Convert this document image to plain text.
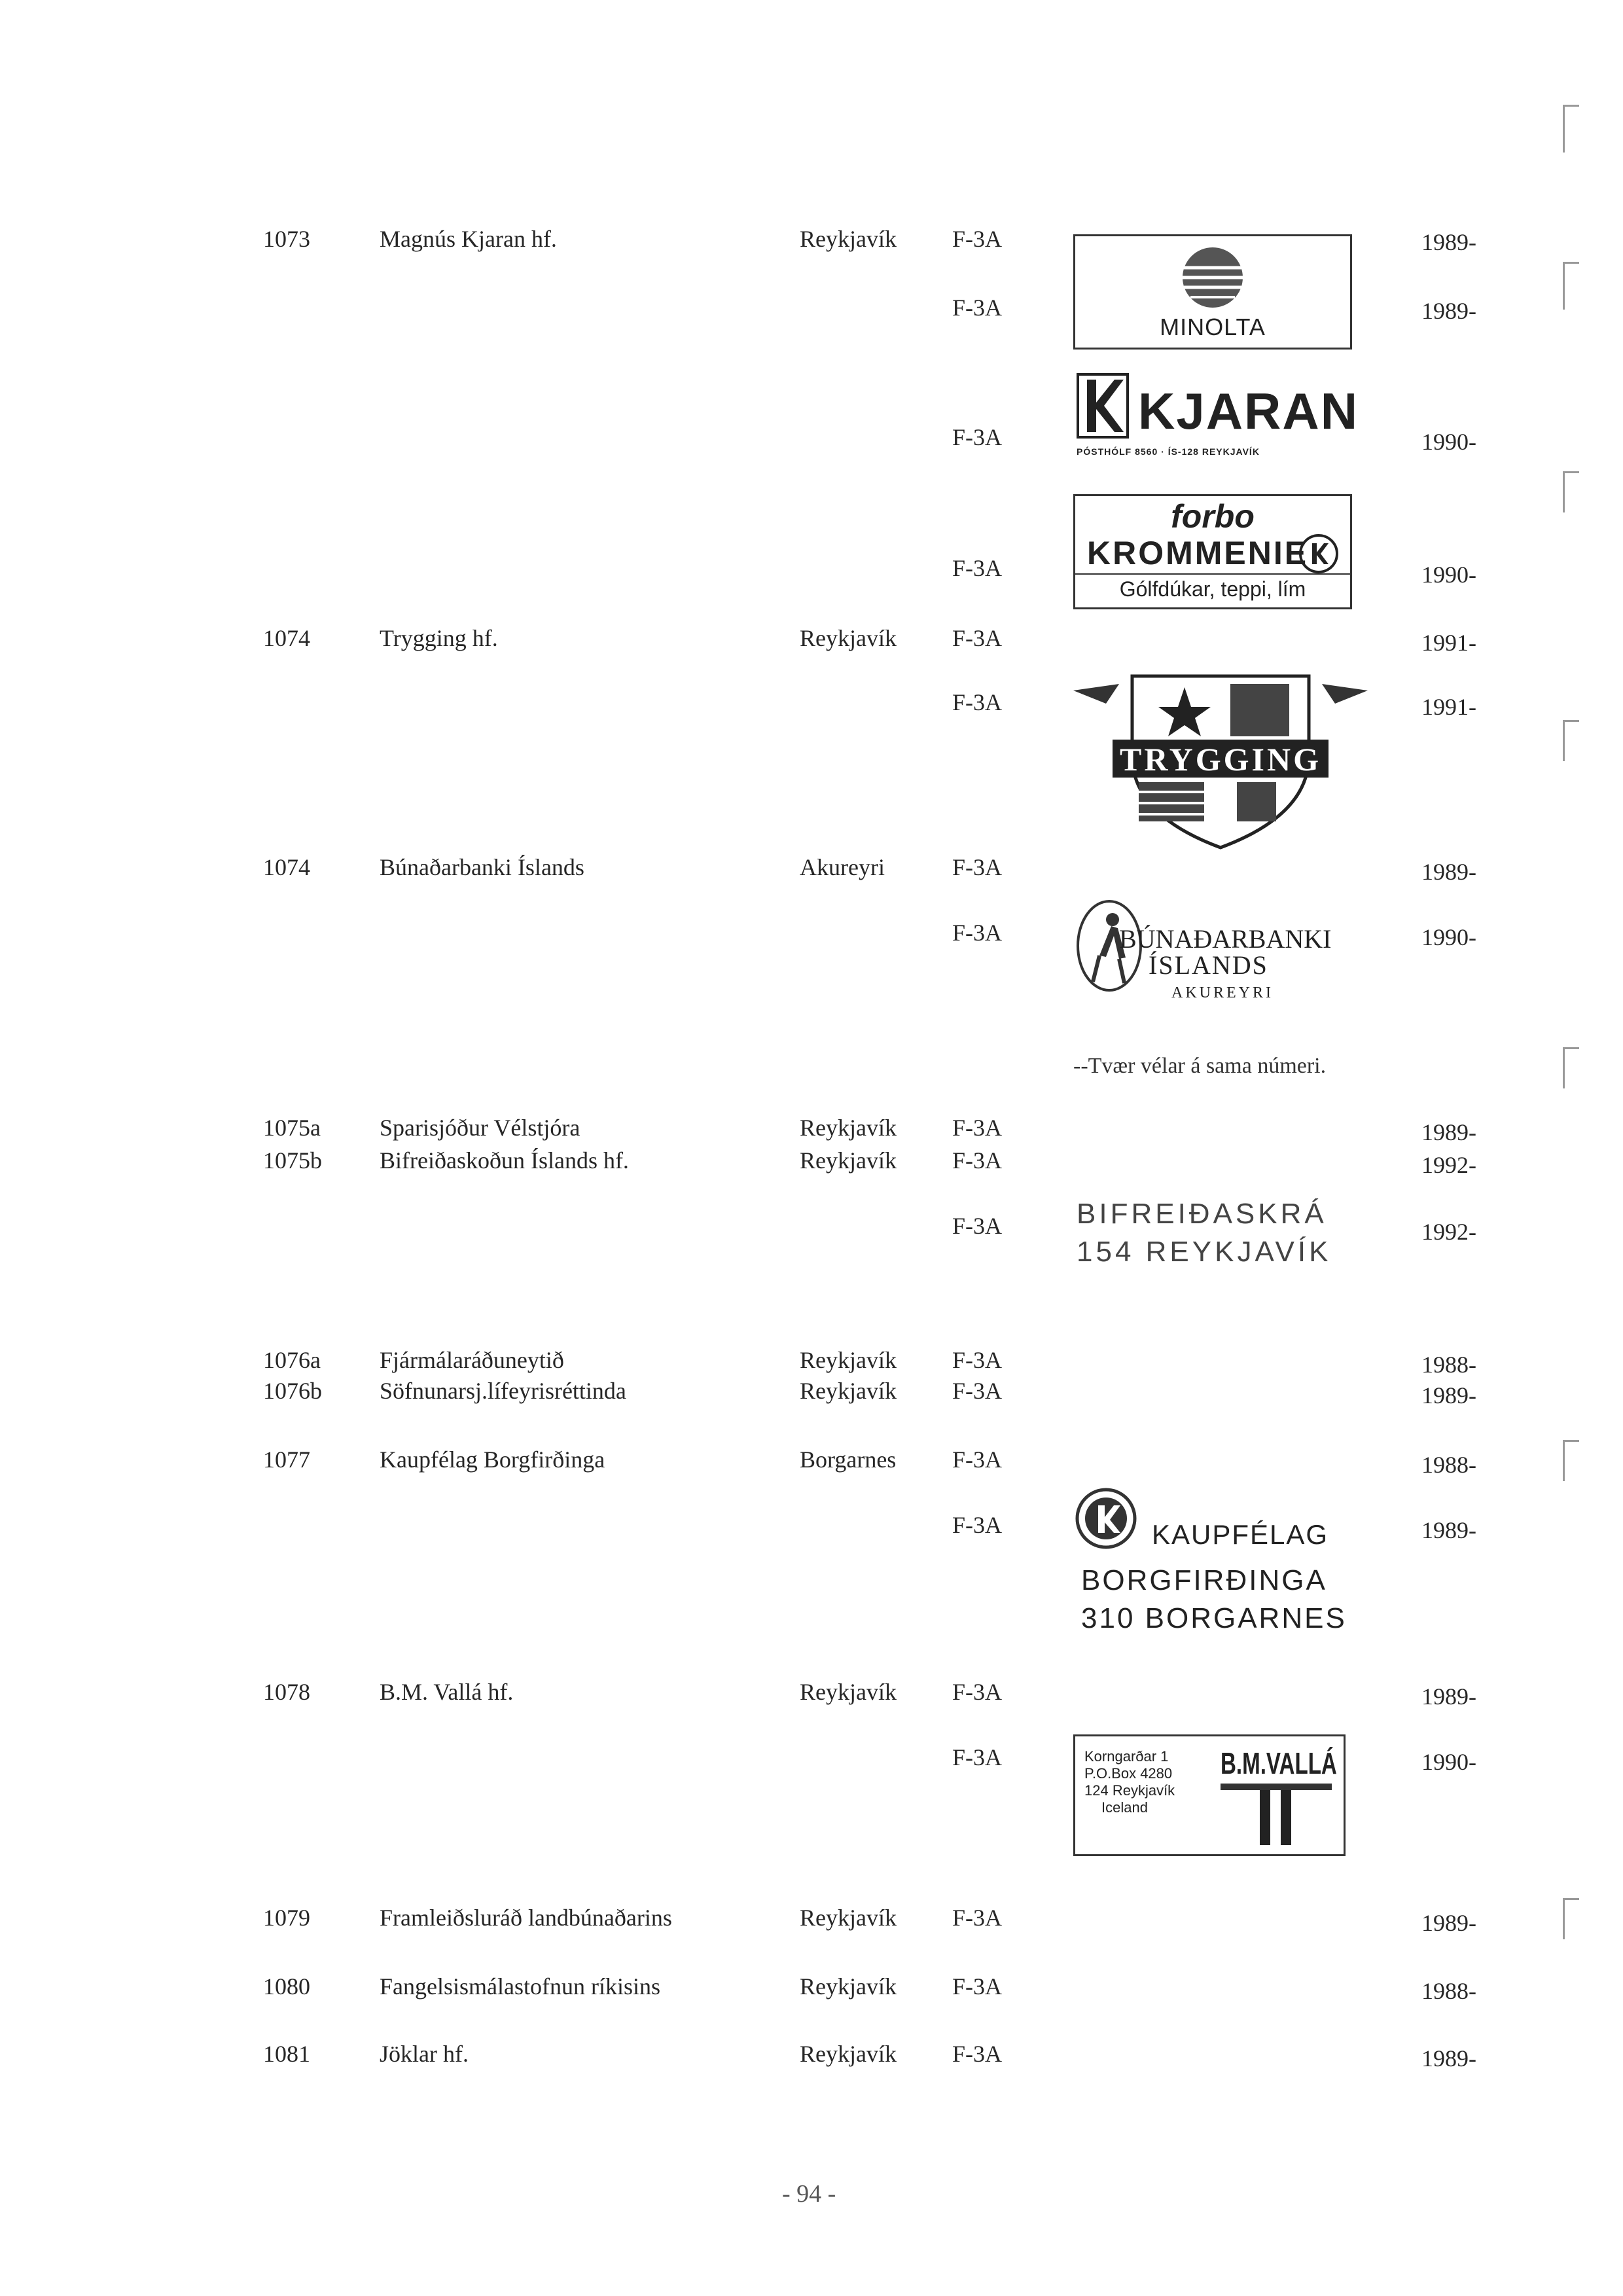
1073	Magnús Kjaran hf.	Reykjavík F-3A	1989-
F-3A	1989-
MINOLTA
F-3A	1990-
KJARAN
PÓSTHÓLF 8560 · ÍS-128 REYKJAVÍK
F-3A	1990-
forbo
KROMMENIE
Gólfdúkar, teppi, lím
1074	Trygging hf.	Reykjavík F-3A	1991-
F-3A	1991-
TRYGGING
1074	Búnaðarbanki Íslands	Akureyri	F-3A	1989-
F-3A	1990-
BÚNAÐARBANKI
ÍSLANDS
AKUREYRI
--Tvær vélar á sama númeri.
1075a	Sparisjóður Vélstjóra	Reykjavík F-3A	1989-
1075b Bifreiðaskoðun Íslands hf.	Reykjavík F-3A	1992-
F-3A	1992-
BIFREIÐASKRÁ
154 REYKJAVÍK
1076a	Fjármálaráðuneytið	Reykjavík F-3A	1988-
1076b Söfnunarsj.lífeyrisréttinda	Reykjavík F-3A	1989-
1077	Kaupfélag Borgfirðinga	Borgarnes F-3A	1988-
F-3A	1989-
KAUPFÉLAG
BORGFIRÐINGA
310 BORGARNES
1078	B.M. Vallá hf.	Reykjavík F-3A	1989-
F-3A	1990-
Korngarðar 1
P.O.Box 4280
124 Reykjavík
Iceland
B.M.VALLÁ
1079	Framleiðsluráð landbúnaðarins	Reykjavík F-3A	1989-
1080	Fangelsismálastofnun ríkisins	Reykjavík F-3A	1988-
1081	Jöklar hf.	Reykjavík F-3A	1989-
- 94 -
